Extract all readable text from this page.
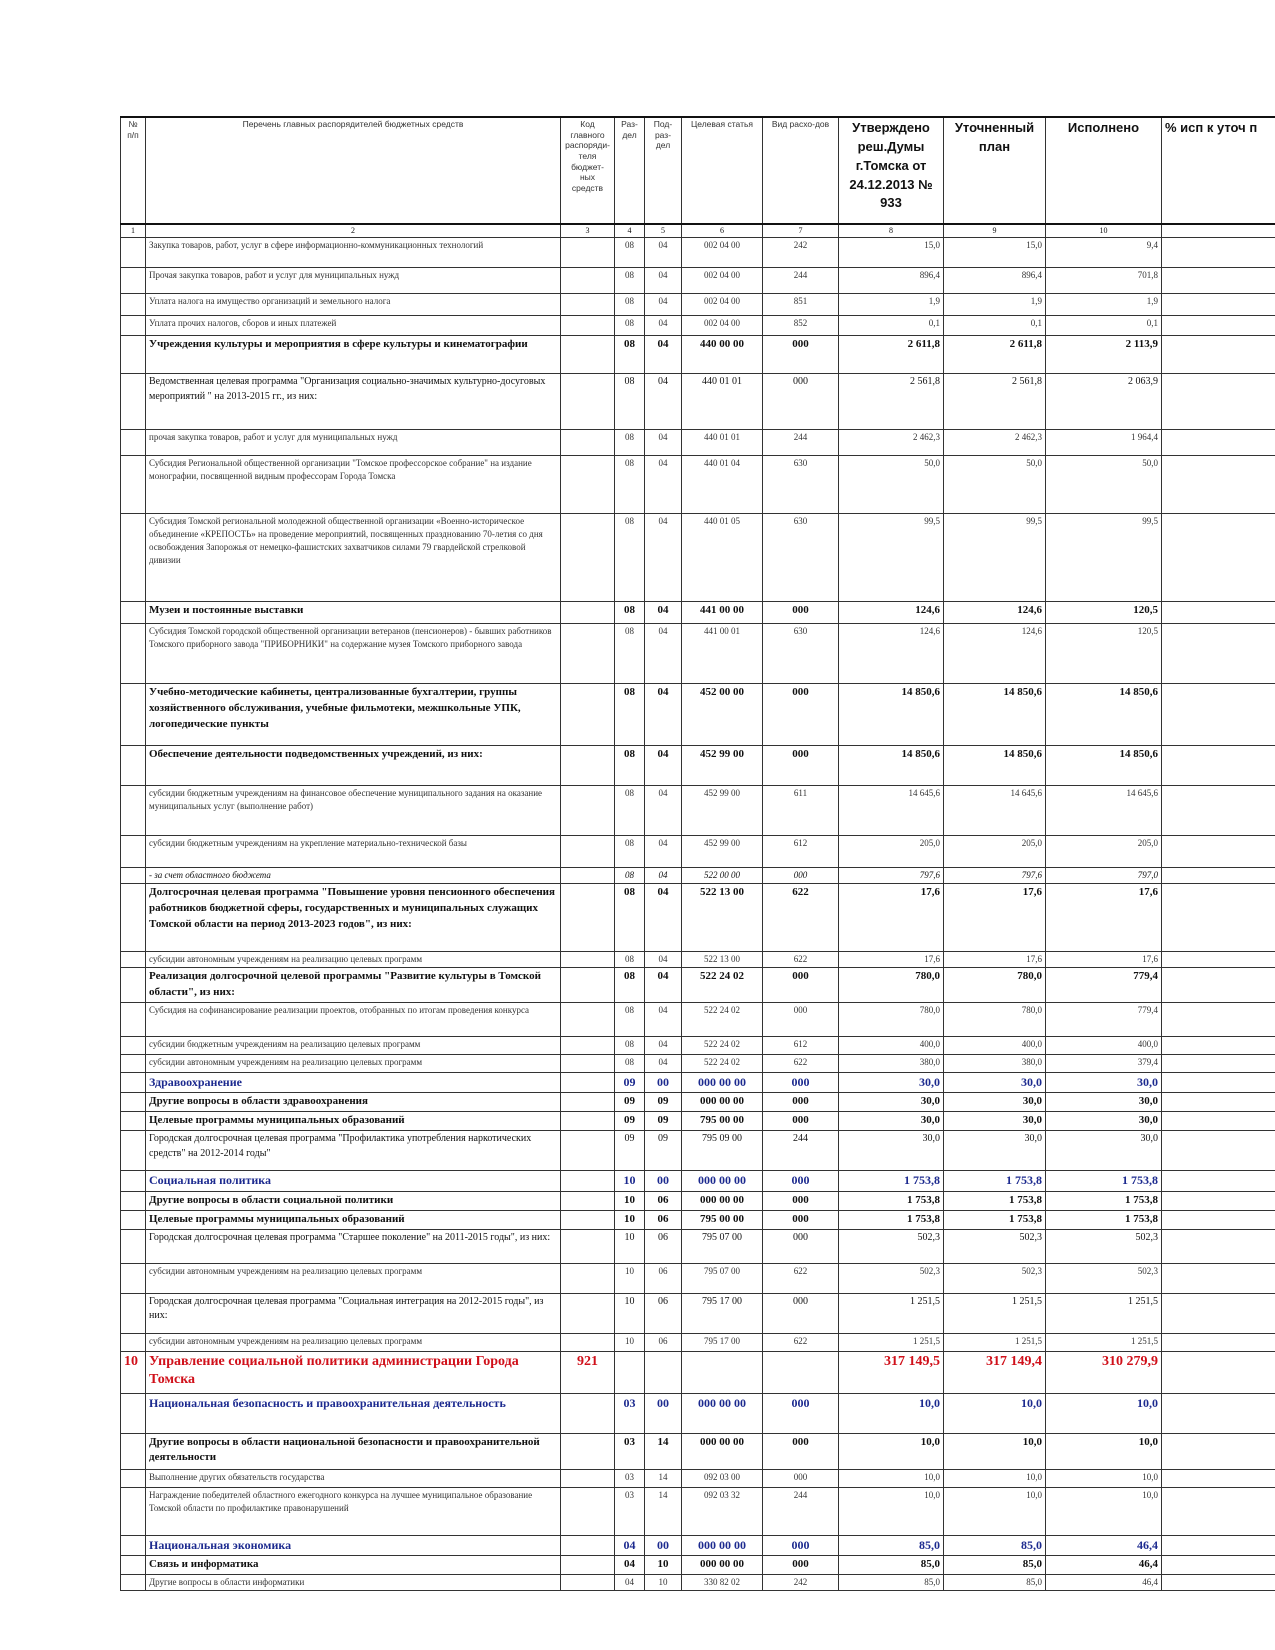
№ п/п	Перечень главных распорядителей бюджетных средств	Код главного распоряди-теля бюджет-ных средств	Раз-дел	Под-раз-дел	Целевая статья	Вид расхо-дов	Утверждено реш.Думы г.Томска от 24.12.2013 № 933	Уточненный план	Исполнено	% исп к уточ п
1	2	3	4	5	6	7	8	9	10	
	Закупка товаров, работ, услуг в сфере информационно-коммуникационных технологий		08	04	002 04 00	242	15,0	15,0	9,4	
	Прочая закупка товаров, работ и услуг для муниципальных нужд		08	04	002 04 00	244	896,4	896,4	701,8	
	Уплата налога на имущество организаций и земельного налога		08	04	002 04 00	851	1,9	1,9	1,9	
	Уплата прочих налогов, сборов и иных платежей		08	04	002 04 00	852	0,1	0,1	0,1	
	Учреждения культуры и мероприятия в сфере культуры и кинематографии		08	04	440 00 00	000	2 611,8	2 611,8	2 113,9	
	Ведомственная целевая программа "Организация социально-значимых культурно-досуговых мероприятий " на 2013-2015 гг., из них:		08	04	440 01 01	000	2 561,8	2 561,8	2 063,9	
	прочая закупка товаров, работ и услуг для муниципальных нужд		08	04	440 01 01	244	2 462,3	2 462,3	1 964,4	
	Субсидия Региональной общественной организации "Томское профессорское собрание" на издание монографии, посвященной видным профессорам Города Томска		08	04	440 01 04	630	50,0	50,0	50,0	
	Субсидия Томской региональной молодежной общественной организации «Военно-историческое объединение «КРЕПОСТЬ» на проведение мероприятий, посвященных празднованию 70-летия со дня освобождения Запорожья от немецко-фашистских захватчиков силами 79 гвардейской стрелковой дивизии		08	04	440 01 05	630	99,5	99,5	99,5	
	Музеи и постоянные выставки		08	04	441 00 00	000	124,6	124,6	120,5	
	Субсидия Томской городской общественной организации ветеранов (пенсионеров) - бывших работников Томского приборного завода "ПРИБОРНИКИ" на содержание музея Томского приборного завода		08	04	441 00 01	630	124,6	124,6	120,5	
	Учебно-методические кабинеты, централизованные бухгалтерии, группы хозяйственного обслуживания, учебные фильмотеки, межшкольные УПК, логопедические пункты		08	04	452 00 00	000	14 850,6	14 850,6	14 850,6	
	Обеспечение деятельности подведомственных учреждений, из них:		08	04	452 99 00	000	14 850,6	14 850,6	14 850,6	
	субсидии бюджетным учреждениям на финансовое обеспечение муниципального задания на оказание муниципальных услуг (выполнение работ)		08	04	452 99 00	611	14 645,6	14 645,6	14 645,6	
	субсидии бюджетным учреждениям на укрепление материально-технической базы		08	04	452 99 00	612	205,0	205,0	205,0	
	- за счет областного бюджета		08	04	522 00 00	000	797,6	797,6	797,0	
	Долгосрочная целевая программа "Повышение уровня пенсионного обеспечения работников бюджетной сферы, государственных и муниципальных служащих Томской области на период 2013-2023 годов", из них:		08	04	522 13 00	622	17,6	17,6	17,6	
	субсидии автономным учреждениям на реализацию целевых программ		08	04	522 13 00	622	17,6	17,6	17,6	
	Реализация долгосрочной целевой программы "Развитие культуры в Томской области", из них:		08	04	522 24 02	000	780,0	780,0	779,4	
	Субсидия на софинансирование реализации проектов, отобранных по итогам проведения конкурса		08	04	522 24 02	000	780,0	780,0	779,4	
	субсидии бюджетным учреждениям на реализацию целевых программ		08	04	522 24 02	612	400,0	400,0	400,0	
	субсидии автономным учреждениям на реализацию целевых программ		08	04	522 24 02	622	380,0	380,0	379,4	
	Здравоохранение		09	00	000 00 00	000	30,0	30,0	30,0	
	Другие вопросы в области здравоохранения		09	09	000 00 00	000	30,0	30,0	30,0	
	Целевые программы муниципальных образований		09	09	795 00 00	000	30,0	30,0	30,0	
	Городская долгосрочная целевая программа "Профилактика употребления наркотических средств" на 2012-2014 годы"		09	09	795 09 00	244	30,0	30,0	30,0	
	Социальная политика		10	00	000 00 00	000	1 753,8	1 753,8	1 753,8	
	Другие вопросы в области социальной политики		10	06	000 00 00	000	1 753,8	1 753,8	1 753,8	
	Целевые программы муниципальных образований		10	06	795 00 00	000	1 753,8	1 753,8	1 753,8	
	Городская долгосрочная целевая программа "Старшее поколение" на 2011-2015 годы", из них:		10	06	795 07 00	000	502,3	502,3	502,3	
	субсидии автономным учреждениям на реализацию целевых программ		10	06	795 07 00	622	502,3	502,3	502,3	
	Городская долгосрочная целевая программа "Социальная интеграция на 2012-2015 годы", из них:		10	06	795 17 00	000	1 251,5	1 251,5	1 251,5	
	субсидии автономным учреждениям на реализацию целевых программ		10	06	795 17 00	622	1 251,5	1 251,5	1 251,5	
10	Управление социальной политики администрации Города Томска	921					317 149,5	317 149,4	310 279,9	
	Национальная безопасность и правоохранительная деятельность		03	00	000 00 00	000	10,0	10,0	10,0	
	Другие вопросы в области национальной безопасности и правоохранительной деятельности		03	14	000 00 00	000	10,0	10,0	10,0	
	Выполнение других обязательств государства		03	14	092 03 00	000	10,0	10,0	10,0	
	Награждение победителей областного ежегодного конкурса на лучшее муниципальное образование Томской области по профилактике правонарушений		03	14	092 03 32	244	10,0	10,0	10,0	
	Национальная экономика		04	00	000 00 00	000	85,0	85,0	46,4	
	Связь и информатика		04	10	000 00 00	000	85,0	85,0	46,4	
	Другие вопросы в области информатики		04	10	330 82 02	242	85,0	85,0	46,4	
